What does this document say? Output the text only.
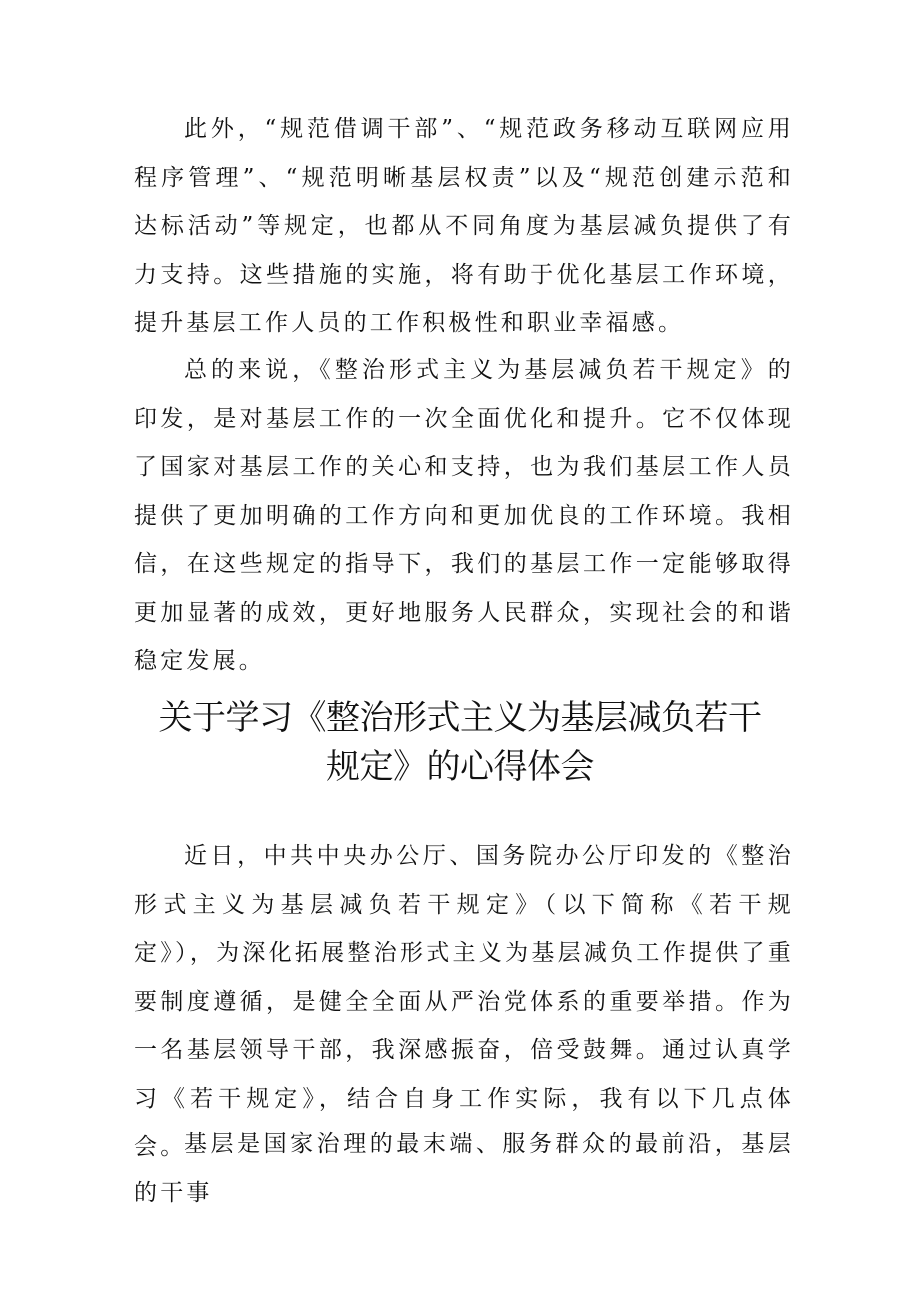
此外，“规范借调干部”、“规范政务移动互联网应用程序管理”、“规范明晰基层权责”以及“规范创建示范和达标活动”等规定，也都从不同角度为基层减负提供了有力支持。这些措施的实施，将有助于优化基层工作环境，提升基层工作人员的工作积极性和职业幸福感。

总的来说，《整治形式主义为基层减负若干规定》的印发，是对基层工作的一次全面优化和提升。它不仅体现了国家对基层工作的关心和支持，也为我们基层工作人员提供了更加明确的工作方向和更加优良的工作环境。我相信，在这些规定的指导下，我们的基层工作一定能够取得更加显著的成效，更好地服务人民群众，实现社会的和谐稳定发展。

关于学习《整治形式主义为基层减负若干
规定》的心得体会

近日，中共中央办公厅、国务院办公厅印发的《整治形式主义为基层减负若干规定》（以下简称《若干规定》），为深化拓展整治形式主义为基层减负工作提供了重要制度遵循，是健全全面从严治党体系的重要举措。作为一名基层领导干部，我深感振奋，倍受鼓舞。通过认真学习《若干规定》，结合自身工作实际，我有以下几点体会。

基层是国家治理的最末端、服务群众的最前沿，基层的干事
